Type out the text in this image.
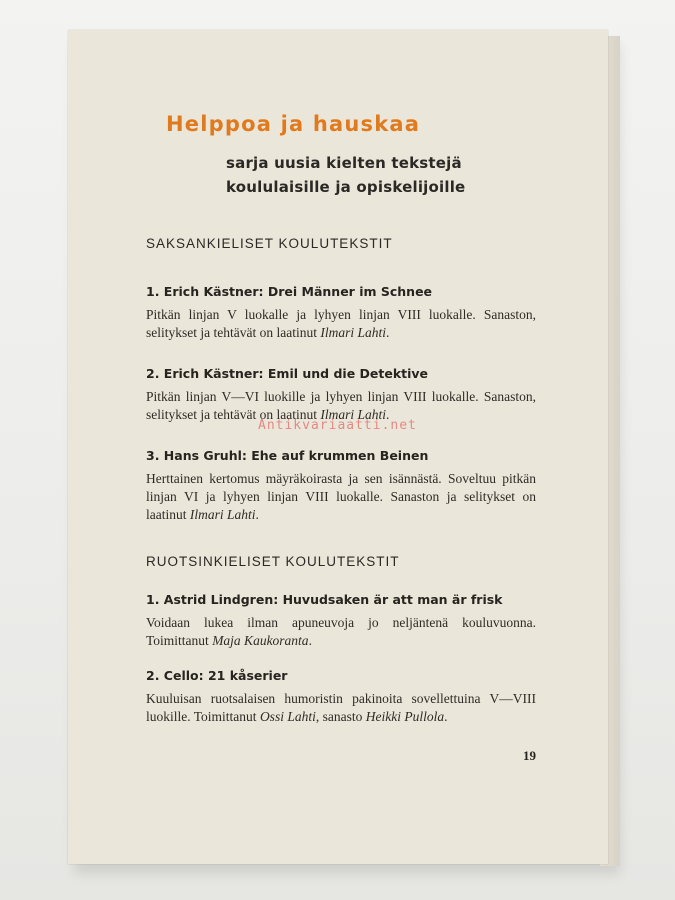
Helppoa ja hauskaa

sarja uusia kielten tekstejä

koululaisille ja opiskelijoille

SAKSANKIELISET KOULUTEKSTIT

1. Erich Kästner: Drei Männer im Schnee

Pitkän linjan V luokalle ja lyhyen linjan VIII luokalle. Sanaston, selitykset ja tehtävät on laatinut Ilmari Lahti.

2. Erich Kästner: Emil und die Detektive

Pitkän linjan V—VI luokille ja lyhyen linjan VIII luokalle. Sanaston, selitykset ja tehtävät on laatinut Ilmari Lahti.

3. Hans Gruhl: Ehe auf krummen Beinen

Herttainen kertomus mäyräkoirasta ja sen isännästä. Soveltuu pitkän linjan VI ja lyhyen linjan VIII luokalle. Sanaston ja selitykset on laatinut Ilmari Lahti.

RUOTSINKIELISET KOULUTEKSTIT

1. Astrid Lindgren: Huvudsaken är att man är frisk

Voidaan lukea ilman apuneuvoja jo neljäntenä kouluvuonna. Toimittanut Maja Kaukoranta.

2. Cello: 21 kåserier

Kuuluisan ruotsalaisen humoristin pakinoita sovellettuina V—VIII luokille. Toimittanut Ossi Lahti, sanasto Heikki Pullola.

19

Antikvariaatti.net
